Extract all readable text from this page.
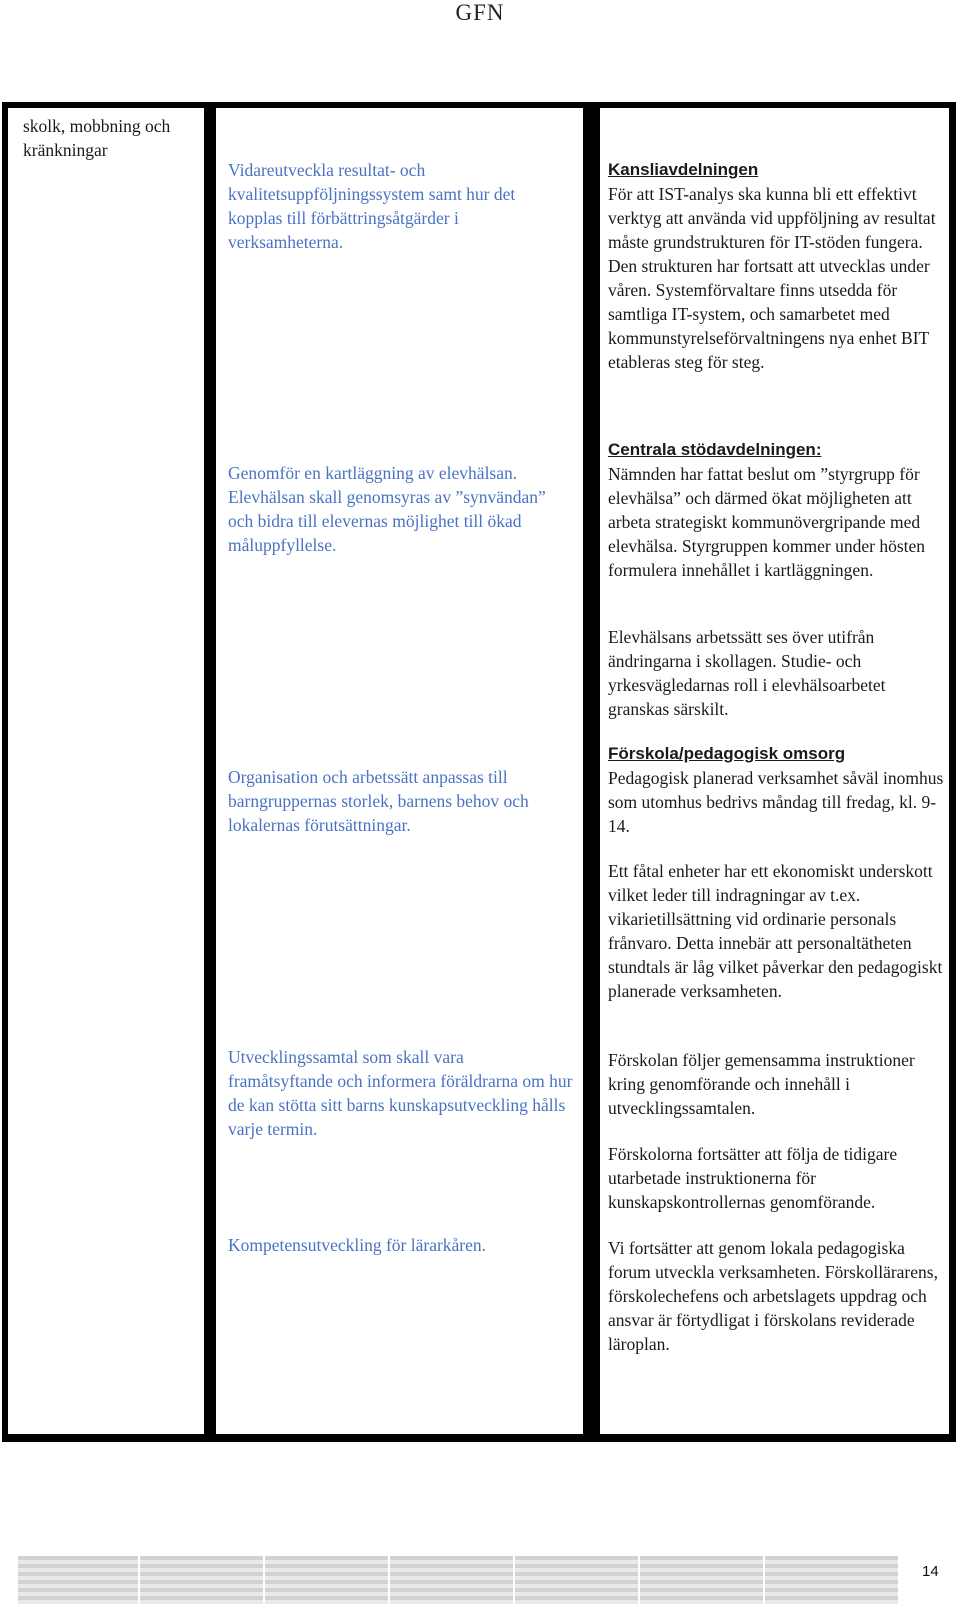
GFN
skolk, mobbning och kränkningar
Vidareutveckla resultat- och kvalitetsuppföljningssystem samt hur det kopplas till förbättringsåtgärder i verksamheterna.
Genomför en kartläggning av elevhälsan. Elevhälsan skall genomsyras av ”synvändan” och bidra till elevernas möjlighet till ökad måluppfyllelse.
Organisation och arbetssätt anpassas till barngruppernas storlek, barnens behov och lokalernas förutsättningar.
Utvecklingssamtal som skall vara framåtsyftande och informera föräldrarna om hur de kan stötta sitt barns kunskapsutveckling hålls varje termin.
Kompetensutveckling för lärarkåren.
Kansliavdelningen
För att IST-analys ska kunna bli ett effektivt verktyg att använda vid uppföljning av resultat måste grundstrukturen för IT-stöden fungera. Den strukturen har fortsatt att utvecklas under våren. Systemförvaltare finns utsedda för samtliga IT-system, och samarbetet med kommunstyrelseförvaltningens nya enhet BIT etableras steg för steg.
Centrala stödavdelningen:
Nämnden har fattat beslut om ”styrgrupp för elevhälsa” och därmed ökat möjligheten att arbeta strategiskt kommunövergripande med elevhälsa. Styrgruppen kommer under hösten formulera innehållet i kartläggningen.
Elevhälsans arbetssätt ses över utifrån ändringarna i skollagen. Studie- och yrkesvägledarnas roll i elevhälsoarbetet granskas särskilt.
Förskola/pedagogisk omsorg
Pedagogisk planerad verksamhet såväl inomhus som utomhus bedrivs måndag till fredag, kl. 9-14.
Ett fåtal enheter har ett ekonomiskt underskott vilket leder till indragningar av t.ex. vikarietillsättning vid ordinarie personals frånvaro. Detta innebär att personaltätheten stundtals är låg vilket påverkar den pedagogiskt planerade verksamheten.
Förskolan följer gemensamma instruktioner kring genomförande och innehåll i utvecklingssamtalen.
Förskolorna fortsätter att följa de tidigare utarbetade instruktionerna för kunskapskontrollernas genomförande.
Vi fortsätter att genom lokala pedagogiska forum utveckla verksamheten. Förskollärarens, förskolechefens och arbetslagets uppdrag och ansvar är förtydligat i förskolans reviderade läroplan.
14
